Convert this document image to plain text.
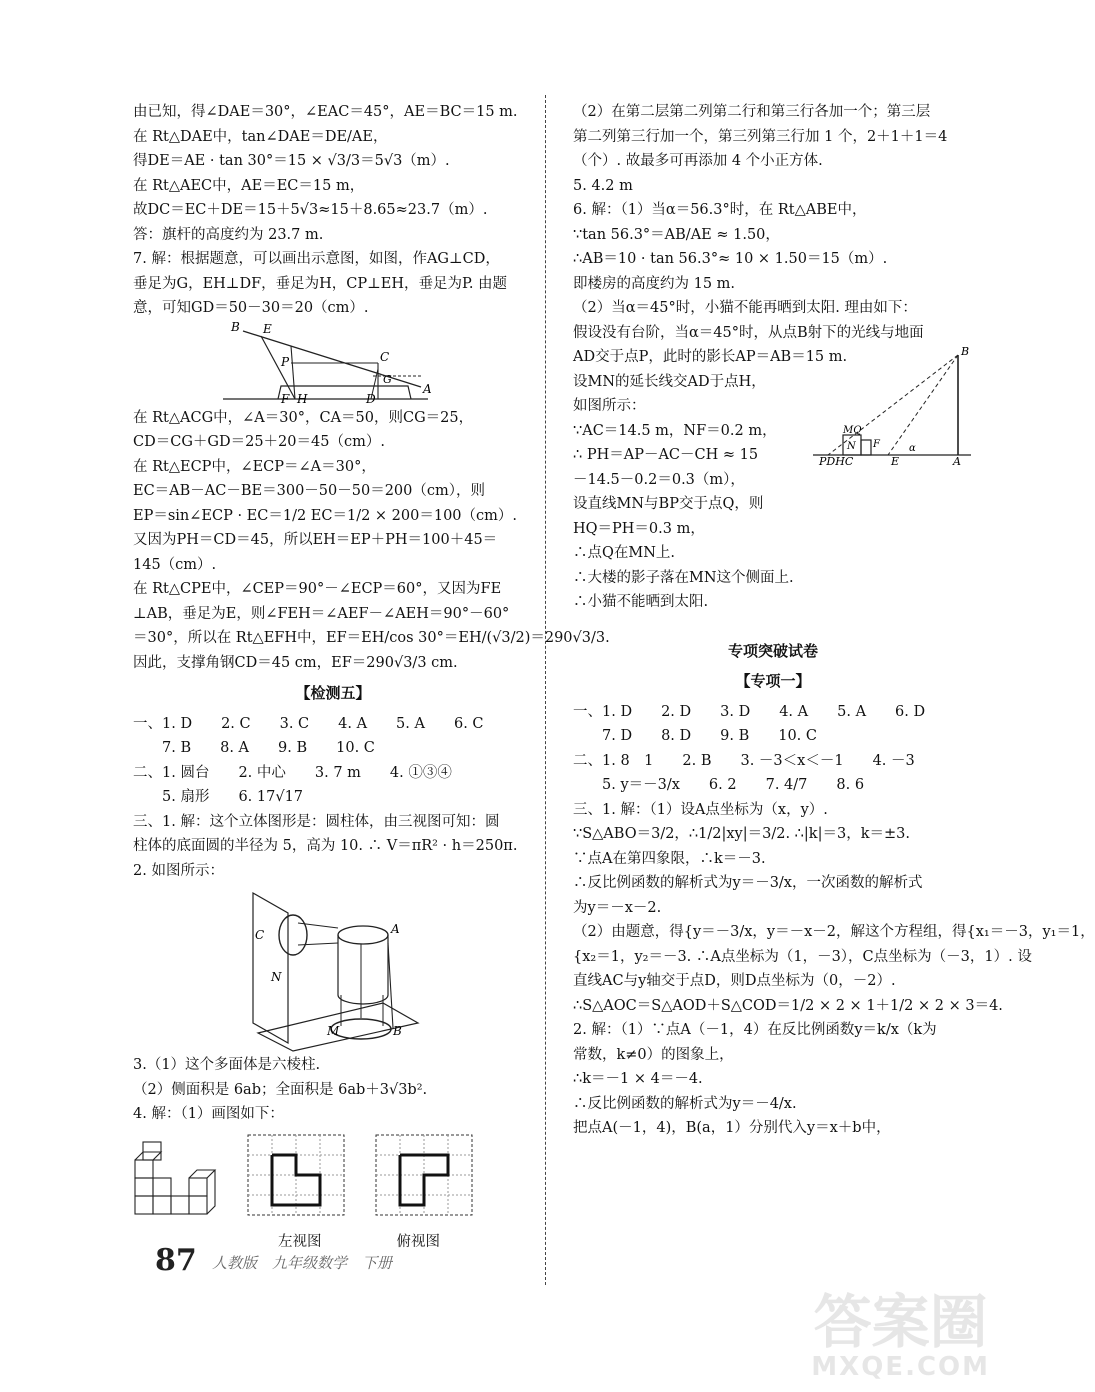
由已知，得∠DAE＝30°，∠EAC＝45°，AE＝BC＝15 m.
在 Rt△DAE中，tan∠DAE＝DE/AE，
得DE＝AE · tan 30°＝15 × √3/3＝5√3（m）.
在 Rt△AEC中，AE＝EC＝15 m，
故DC＝EC＋DE＝15＋5√3≈15＋8.65≈23.7（m）.
答：旗杆的高度约为 23.7 m.
7. 解：根据题意，可以画出示意图，如图，作AG⊥CD，
垂足为G，EH⊥DF，垂足为H，CP⊥EH，垂足为P. 由题
意，可知GD＝50－30＝20（cm）.
B E
P	C
G
A
F H	D
在 Rt△ACG中，∠A＝30°，CA＝50，则CG＝25，
CD＝CG＋GD＝25＋20＝45（cm）.
在 Rt△ECP中，∠ECP＝∠A＝30°，
EC＝AB－AC－BE＝300－50－50＝200（cm），则
EP＝sin∠ECP · EC＝1/2 EC＝1/2 × 200＝100（cm）.
又因为PH＝CD＝45，所以EH＝EP＋PH＝100＋45＝
145（cm）.
在 Rt△CPE中，∠CEP＝90°－∠ECP＝60°，又因为FE
⊥AB，垂足为E，则∠FEH＝∠AEF－∠AEH＝90°－60°
＝30°，所以在 Rt△EFH中，EF＝EH/cos 30°＝EH/(√3/2)＝290√3/3.
因此，支撑角钢CD＝45 cm，EF＝290√3/3 cm.
【检测五】
一、1. D　　2. C　　3. C　　4. A　　5. A　　6. C
　　7. B　　8. A　　9. B　　10. C
二、1. 圆台　　2. 中心　　3. 7 m　　4. ①③④
　　5. 扇形　　6. 17√17
三、1. 解：这个立体图形是：圆柱体，由三视图可知：圆
柱体的底面圆的半径为 5，高为 10. ∴ V＝πR² · h＝250π.
2. 如图所示：
C	A
N
M	B
3.（1）这个多面体是六棱柱.
（2）侧面积是 6ab；全面积是 6ab＋3√3b².
4. 解：（1）画图如下：
左视图	俯视图
（2）在第二层第二列第二行和第三行各加一个；第三层
第二列第三行加一个，第三列第三行加 1 个，2＋1＋1＝4
（个）. 故最多可再添加 4 个小正方体.
5. 4.2 m
6. 解：（1）当α＝56.3°时，在 Rt△ABE中，
∵tan 56.3°＝AB/AE ≈ 1.50，
∴AB＝10 · tan 56.3°≈ 10 × 1.50＝15（m）.
即楼房的高度约为 15 m.
（2）当α＝45°时，小猫不能再晒到太阳. 理由如下：
假设没有台阶，当α＝45°时，从点B射下的光线与地面
AD交于点P，此时的影长AP＝AB＝15 m.
设MN的延长线交AD于点H，
如图所示：
∵AC＝14.5 m，NF＝0.2 m，
∴ PH＝AP－AC－CH ≈ 15
－14.5－0.2＝0.3（m），
B
MQ
F
N	α
PDHC	E	A
设直线MN与BP交于点Q，则
HQ＝PH＝0.3 m，
∴点Q在MN上.
∴大楼的影子落在MN这个侧面上.
∴小猫不能晒到太阳.
专项突破试卷
【专项一】
一、1. D　　2. D　　3. D　　4. A　　5. A　　6. D
　　7. D　　8. D　　9. B　　10. C
二、1. 8　1　　2. B　　3. －3＜x＜－1　　4. －3
　　5. y＝－3/x　　6. 2　　7. 4/7　　8. 6
三、1. 解：（1）设A点坐标为（x，y）.
∵S△ABO＝3/2，∴1/2|xy|＝3/2. ∴|k|＝3，k＝±3.
∵点A在第四象限，∴k＝－3.
∴反比例函数的解析式为y＝－3/x，一次函数的解析式
为y＝－x－2.
（2）由题意，得{y＝－3/x，y＝－x－2，解这个方程组，得{x₁＝－3，y₁＝1，
{x₂＝1，y₂＝－3. ∴A点坐标为（1，－3），C点坐标为（－3，1）. 设
直线AC与y轴交于点D，则D点坐标为（0，－2）.
∴S△AOC＝S△AOD＋S△COD＝1/2 × 2 × 1＋1/2 × 2 × 3＝4.
2. 解：（1）∵点A（－1，4）在反比例函数y＝k/x（k为
常数，k≠0）的图象上，
∴k＝－1 × 4＝－4.
∴反比例函数的解析式为y＝－4/x.
把点A(－1，4)，B(a，1）分别代入y＝x＋b中，
87 人教版　九年级数学　下册
答案圈
MXQE.COM
